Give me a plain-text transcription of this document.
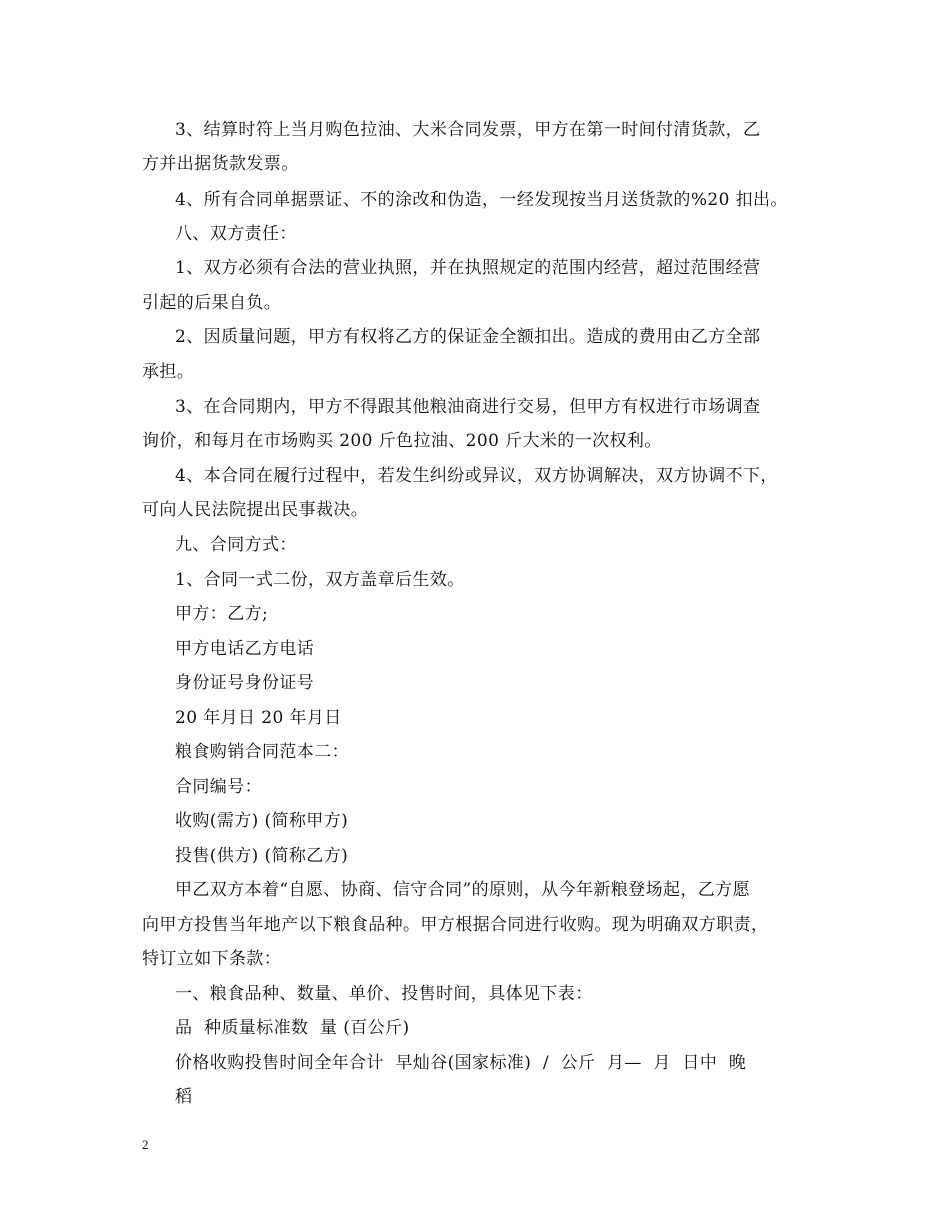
3、结算时符上当月购色拉油、大米合同发票，甲方在第一时间付清货款，乙
方并出据货款发票。
4、所有合同单据票证、不的涂改和伪造，一经发现按当月送货款的%20 扣出。
八、双方责任：
1、双方必须有合法的营业执照，并在执照规定的范围内经营，超过范围经营
引起的后果自负。
2、因质量问题，甲方有权将乙方的保证金全额扣出。造成的费用由乙方全部
承担。
3、在合同期内，甲方不得跟其他粮油商进行交易，但甲方有权进行市场调查
询价，和每月在市场购买 200 斤色拉油、200 斤大米的一次权利。
4、本合同在履行过程中，若发生纠纷或异议，双方协调解决，双方协调不下，
可向人民法院提出民事裁决。
九、合同方式：
1、合同一式二份，双方盖章后生效。
甲方：乙方;
甲方电话乙方电话
身份证号身份证号
20 年月日 20 年月日
粮食购销合同范本二：
合同编号：
收购(需方) (简称甲方)
投售(供方) (简称乙方)
甲乙双方本着“自愿、协商、信守合同”的原则，从今年新粮登场起，乙方愿
向甲方投售当年地产以下粮食品种。甲方根据合同进行收购。现为明确双方职责，
特订立如下条款：
一、粮食品种、数量、单价、投售时间，具体见下表：
品  种质量标准数  量 (百公斤)
价格收购投售时间全年合计  早灿谷(国家标准)  /  公斤  月—  月  日中  晚
稻
2
